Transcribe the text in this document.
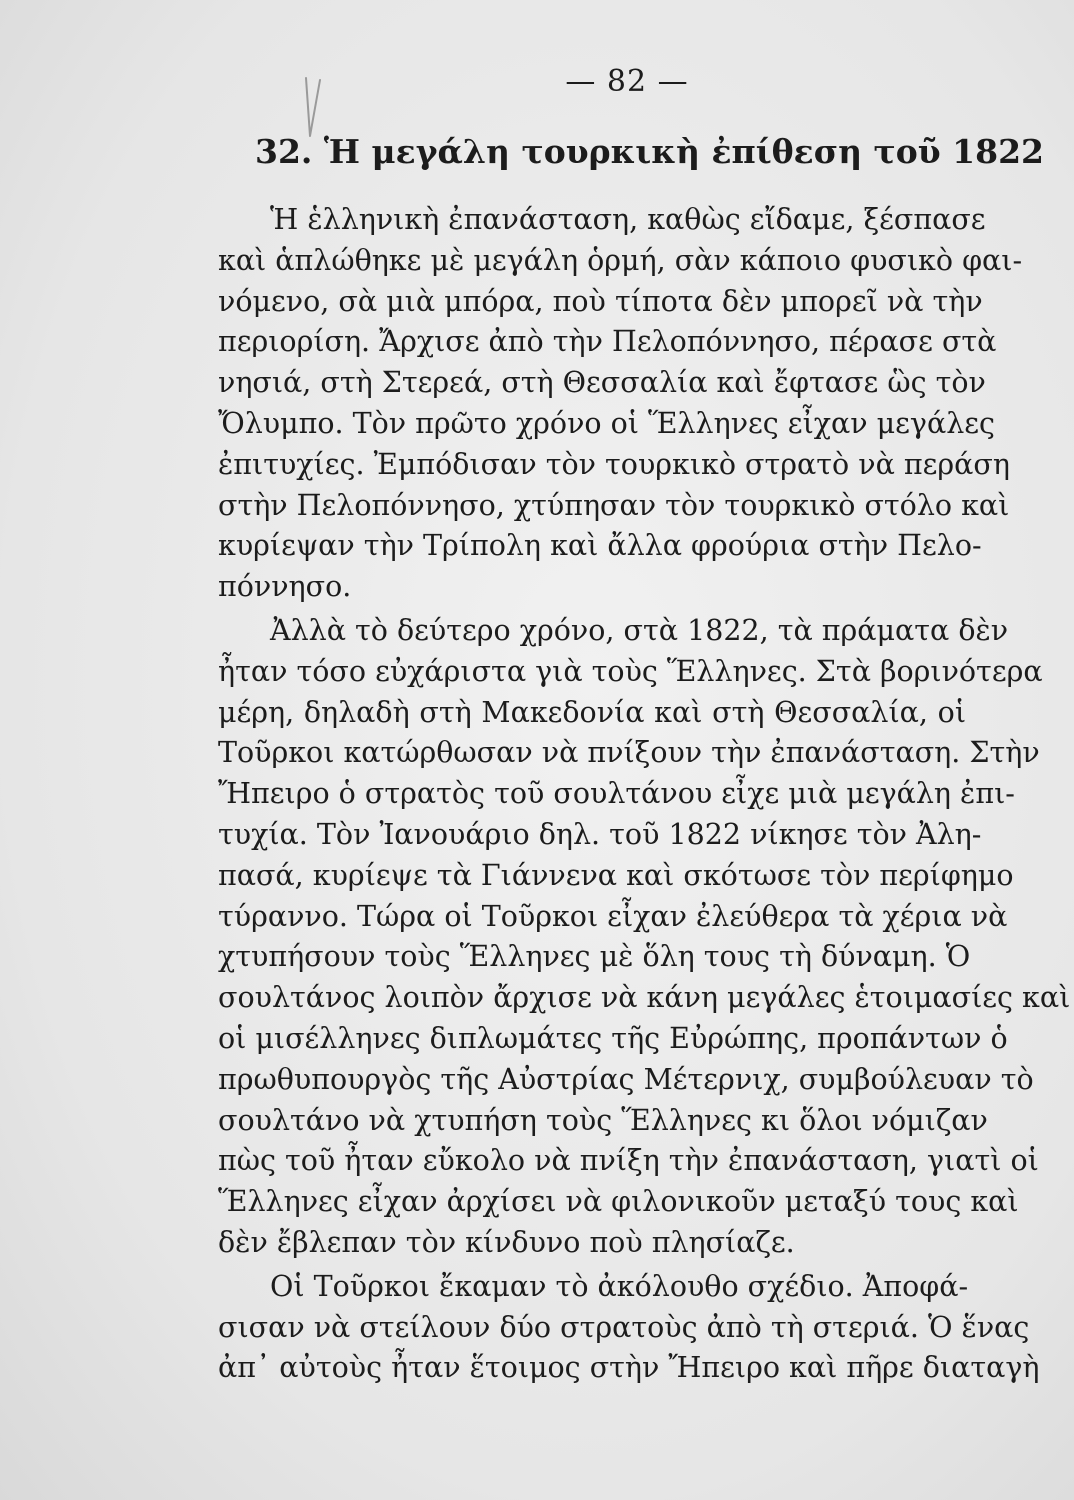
— 82 —
32. Ἡ μεγάλη τουρκικὴ ἐπίθεση τοῦ 1822
Ἡ ἑλληνικὴ ἐπανάσταση, καθὼς εἴδαμε, ξέσπασε
καὶ ἁπλώθηκε μὲ μεγάλη ὁρμή, σὰν κάποιο φυσικὸ φαι-
νόμενο, σὰ μιὰ μπόρα, ποὺ τίποτα δὲν μπορεῖ νὰ τὴν
περιορίση. Ἄρχισε ἀπὸ τὴν Πελοπόννησο, πέρασε στὰ
νησιά, στὴ Στερεά, στὴ Θεσσαλία καὶ ἔφτασε ὣς τὸν
Ὄλυμπο. Τὸν πρῶτο χρόνο οἱ Ἕλληνες εἶχαν μεγάλες
ἐπιτυχίες. Ἐμπόδισαν τὸν τουρκικὸ στρατὸ νὰ περάση
στὴν Πελοπόννησο, χτύπησαν τὸν τουρκικὸ στόλο καὶ
κυρίεψαν τὴν Τρίπολη καὶ ἄλλα φρούρια στὴν Πελο-
πόννησο.
Ἀλλὰ τὸ δεύτερο χρόνο, στὰ 1822, τὰ πράματα δὲν
ἦταν τόσο εὐχάριστα γιὰ τοὺς Ἕλληνες. Στὰ βορινότερα
μέρη, δηλαδὴ στὴ Μακεδονία καὶ στὴ Θεσσαλία, οἱ
Τοῦρκοι κατώρθωσαν νὰ πνίξουν τὴν ἐπανάσταση. Στὴν
Ἤπειρο ὁ στρατὸς τοῦ σουλτάνου εἶχε μιὰ μεγάλη ἐπι-
τυχία. Τὸν Ἰανουάριο δηλ. τοῦ 1822 νίκησε τὸν Ἀλη-
πασά, κυρίεψε τὰ Γιάννενα καὶ σκότωσε τὸν περίφημο
τύραννο. Τώρα οἱ Τοῦρκοι εἶχαν ἐλεύθερα τὰ χέρια νὰ
χτυπήσουν τοὺς Ἕλληνες μὲ ὅλη τους τὴ δύναμη. Ὁ
σουλτάνος λοιπὸν ἄρχισε νὰ κάνη μεγάλες ἑτοιμασίες καὶ
οἱ μισέλληνες διπλωμάτες τῆς Εὐρώπης, προπάντων ὁ
πρωθυπουργὸς τῆς Αὐστρίας Μέτερνιχ, συμβούλευαν τὸ
σουλτάνο νὰ χτυπήση τοὺς Ἕλληνες κι ὅλοι νόμιζαν
πὼς τοῦ ἦταν εὔκολο νὰ πνίξη τὴν ἐπανάσταση, γιατὶ οἱ
Ἕλληνες εἶχαν ἀρχίσει νὰ φιλονικοῦν μεταξύ τους καὶ
δὲν ἔβλεπαν τὸν κίνδυνο ποὺ πλησίαζε.
Οἱ Τοῦρκοι ἔκαμαν τὸ ἀκόλουθο σχέδιο. Ἀποφά-
σισαν νὰ στείλουν δύο στρατοὺς ἀπὸ τὴ στεριά. Ὁ ἕνας
ἀπ᾿ αὐτοὺς ἦταν ἕτοιμος στὴν Ἤπειρο καὶ πῆρε διαταγὴ
